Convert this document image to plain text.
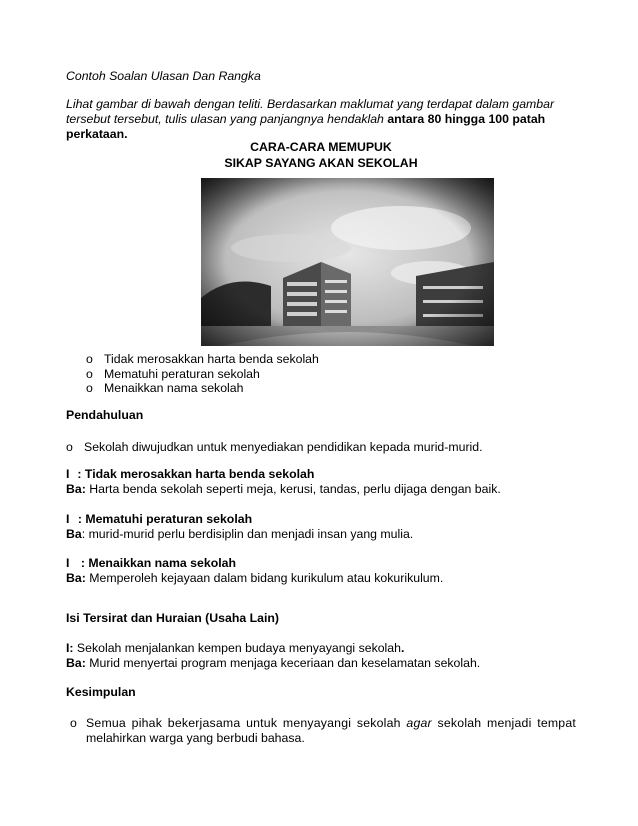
Contoh Soalan Ulasan Dan Rangka
Lihat gambar di bawah dengan teliti. Berdasarkan maklumat yang terdapat dalam gambar
tersebut tersebut, tulis ulasan yang panjangnya hendaklah antara 80 hingga 100 patah
perkataan.
CARA-CARA MEMUPUK
SIKAP SAYANG AKAN SEKOLAH
o Tidak merosakkan harta benda sekolah
o Mematuhi peraturan sekolah
o Menaikkan nama sekolah
Pendahuluan
o Sekolah diwujudkan untuk menyediakan pendidikan kepada murid-murid.
I : Tidak merosakkan harta benda sekolah
Ba: Harta benda sekolah seperti meja, kerusi, tandas, perlu dijaga dengan baik.
I : Mematuhi peraturan sekolah
Ba: murid-murid perlu berdisiplin dan menjadi insan yang mulia.
I : Menaikkan nama sekolah
Ba: Memperoleh kejayaan dalam bidang kurikulum atau kokurikulum.
Isi Tersirat dan Huraian (Usaha Lain)
I: Sekolah menjalankan kempen budaya menyayangi sekolah.
Ba: Murid menyertai program menjaga keceriaan dan keselamatan sekolah.
Kesimpulan
o Semua pihak bekerjasama untuk menyayangi sekolah agar sekolah menjadi tempat
melahirkan warga yang berbudi bahasa.
